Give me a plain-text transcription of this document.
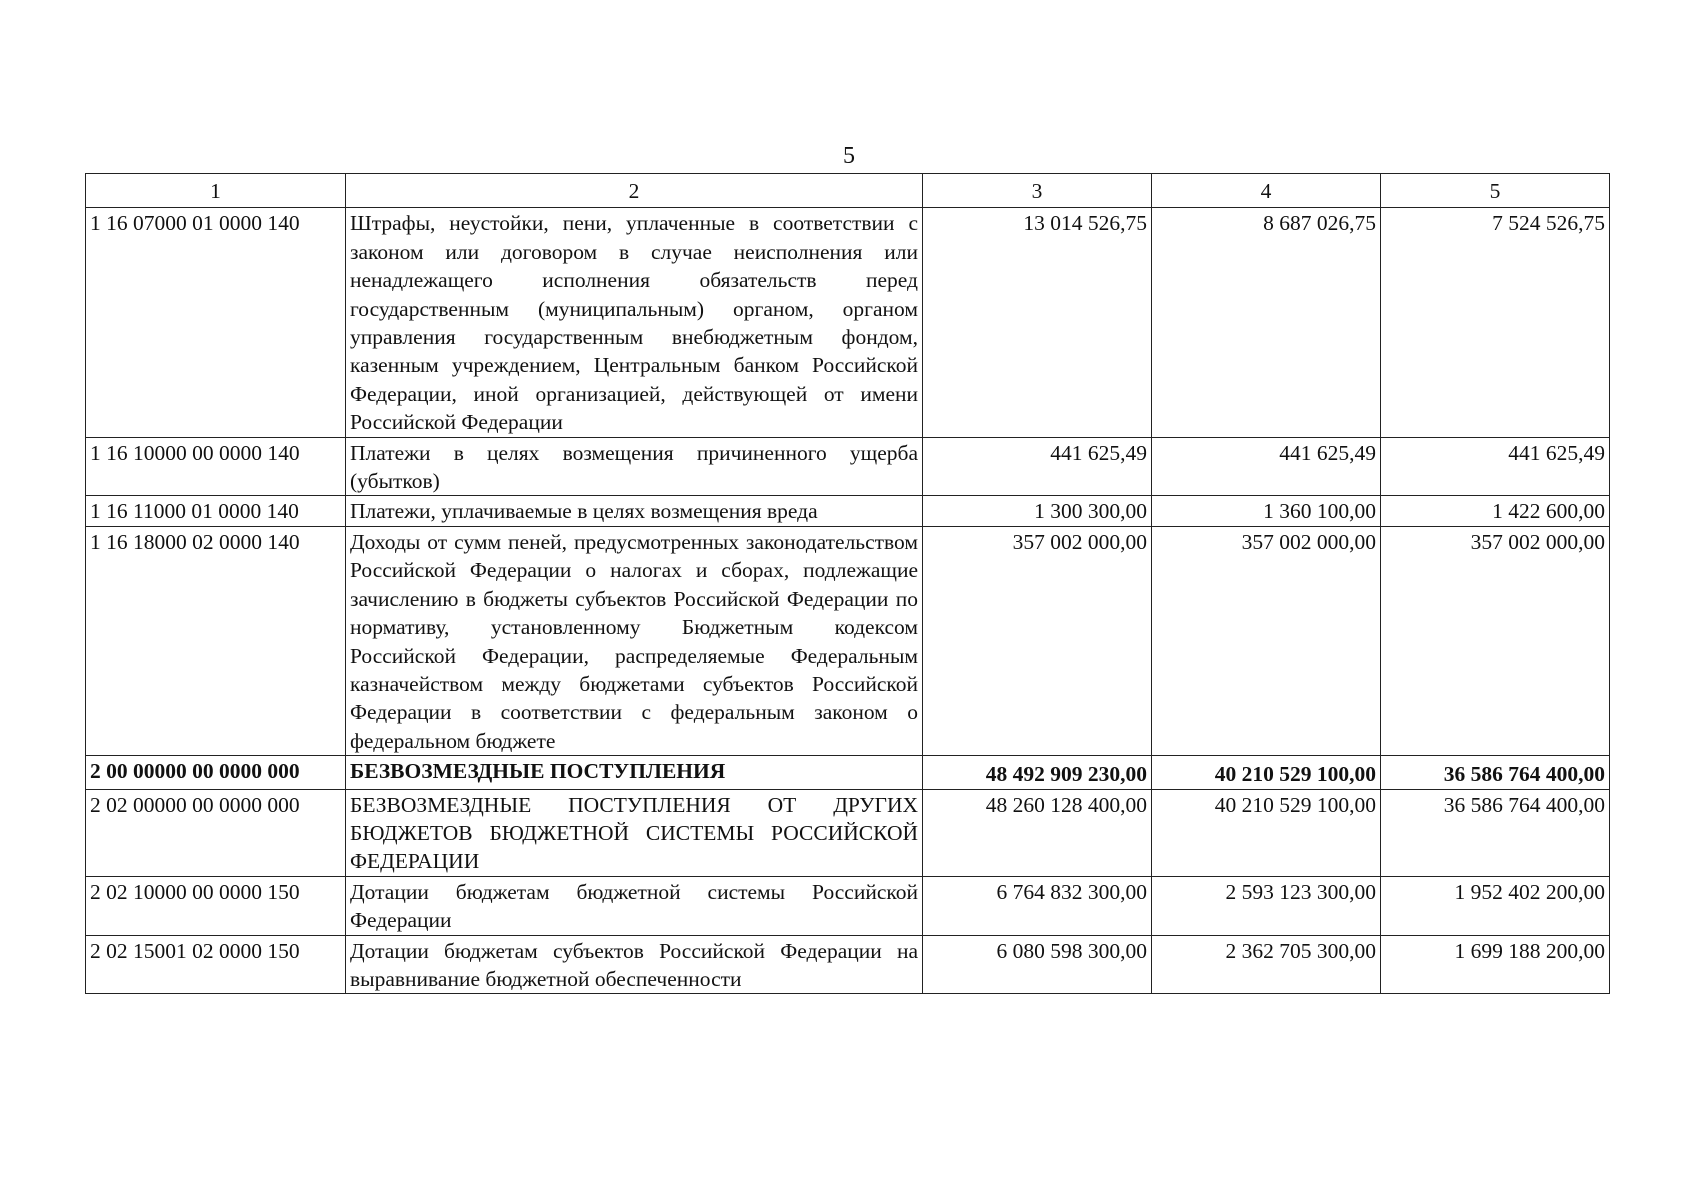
5
1	2	3	4	5
1 16 07000 01 0000 140	Штрафы, неустойки, пени, уплаченные в соответствии с законом или договором в случае неисполнения или ненадлежащего исполнения обязательств перед государственным (муниципальным) органом, органом управления государственным внебюджетным фондом, казенным учреждением, Центральным банком Российской Федерации, иной организацией, действующей от имени Российской Федерации	13 014 526,75	8 687 026,75	7 524 526,75
1 16 10000 00 0000 140	Платежи в целях возмещения причиненного ущерба (убытков)	441 625,49	441 625,49	441 625,49
1 16 11000 01 0000 140	Платежи, уплачиваемые в целях возмещения вреда	1 300 300,00	1 360 100,00	1 422 600,00
1 16 18000 02 0000 140	Доходы от сумм пеней, предусмотренных законодательством Российской Федерации о налогах и сборах, подлежащие зачислению в бюджеты субъектов Российской Федерации по нормативу, установленному Бюджетным кодексом Российской Федерации, распределяемые Федеральным казначейством между бюджетами субъектов Российской Федерации в соответствии с федеральным законом о федеральном бюджете	357 002 000,00	357 002 000,00	357 002 000,00
2 00 00000 00 0000 000	БЕЗВОЗМЕЗДНЫЕ ПОСТУПЛЕНИЯ	48 492 909 230,00	40 210 529 100,00	36 586 764 400,00
2 02 00000 00 0000 000	БЕЗВОЗМЕЗДНЫЕ ПОСТУПЛЕНИЯ ОТ ДРУГИХ БЮДЖЕТОВ БЮДЖЕТНОЙ СИСТЕМЫ РОССИЙСКОЙ ФЕДЕРАЦИИ	48 260 128 400,00	40 210 529 100,00	36 586 764 400,00
2 02 10000 00 0000 150	Дотации бюджетам бюджетной системы Российской Федерации	6 764 832 300,00	2 593 123 300,00	1 952 402 200,00
2 02 15001 02 0000 150	Дотации бюджетам субъектов Российской Федерации на выравнивание бюджетной обеспеченности	6 080 598 300,00	2 362 705 300,00	1 699 188 200,00
